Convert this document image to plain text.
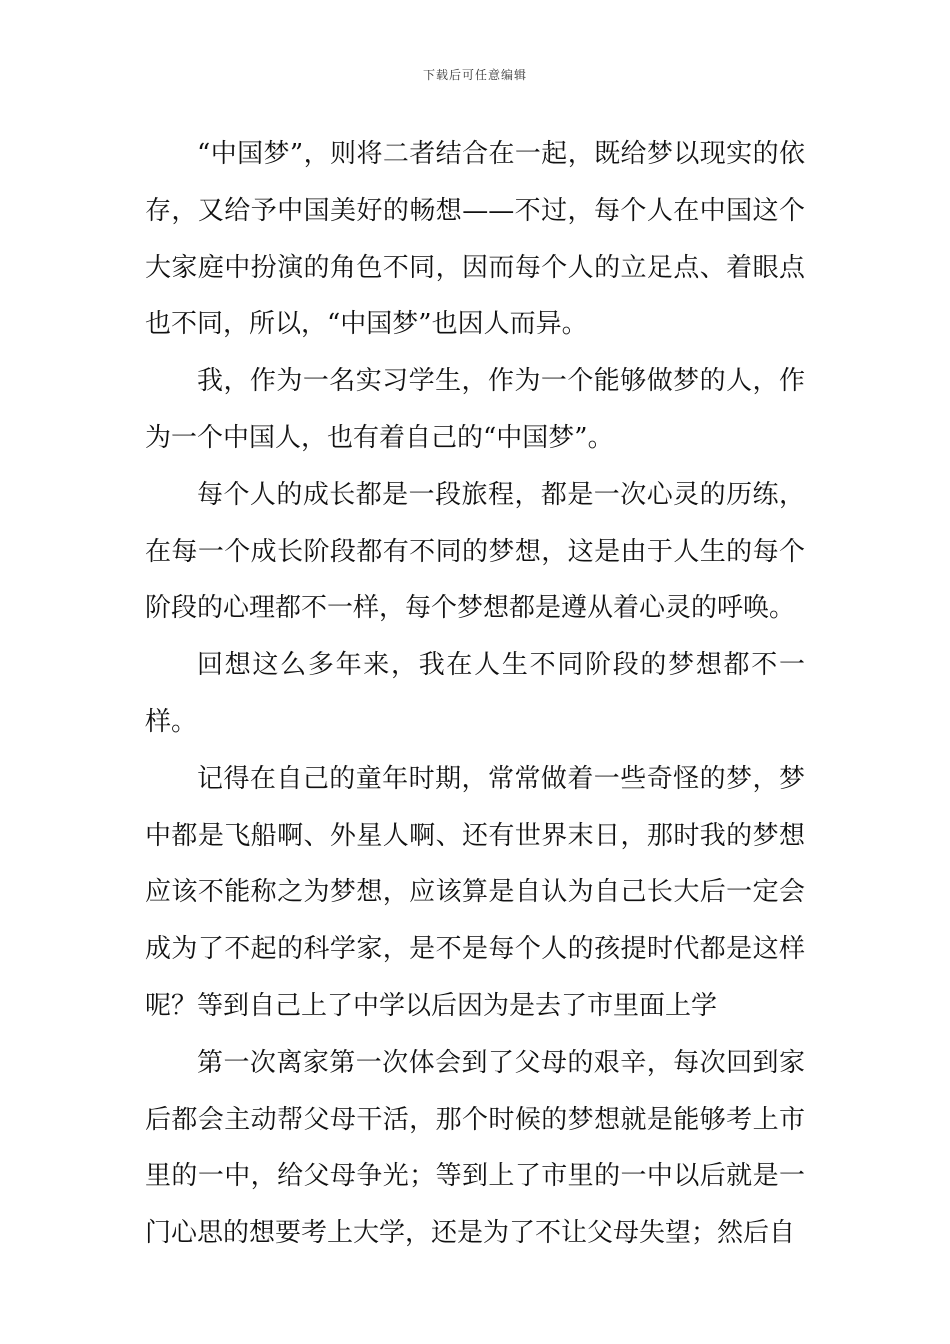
下载后可任意编辑

“中国梦”，则将二者结合在一起，既给梦以现实的依存，又给予中国美好的畅想——不过，每个人在中国这个大家庭中扮演的角色不同，因而每个人的立足点、着眼点也不同，所以，“中国梦”也因人而异。

我，作为一名实习学生，作为一个能够做梦的人，作为一个中国人，也有着自己的“中国梦”。

每个人的成长都是一段旅程，都是一次心灵的历练，在每一个成长阶段都有不同的梦想，这是由于人生的每个阶段的心理都不一样，每个梦想都是遵从着心灵的呼唤。

回想这么多年来，我在人生不同阶段的梦想都不一样。

记得在自己的童年时期，常常做着一些奇怪的梦，梦中都是飞船啊、外星人啊、还有世界末日，那时我的梦想应该不能称之为梦想，应该算是自认为自己长大后一定会成为了不起的科学家，是不是每个人的孩提时代都是这样呢？等到自己上了中学以后因为是去了市里面上学

第一次离家第一次体会到了父母的艰辛，每次回到家后都会主动帮父母干活，那个时候的梦想就是能够考上市里的一中，给父母争光；等到上了市里的一中以后就是一门心思的想要考上大学，还是为了不让父母失望；然后自
